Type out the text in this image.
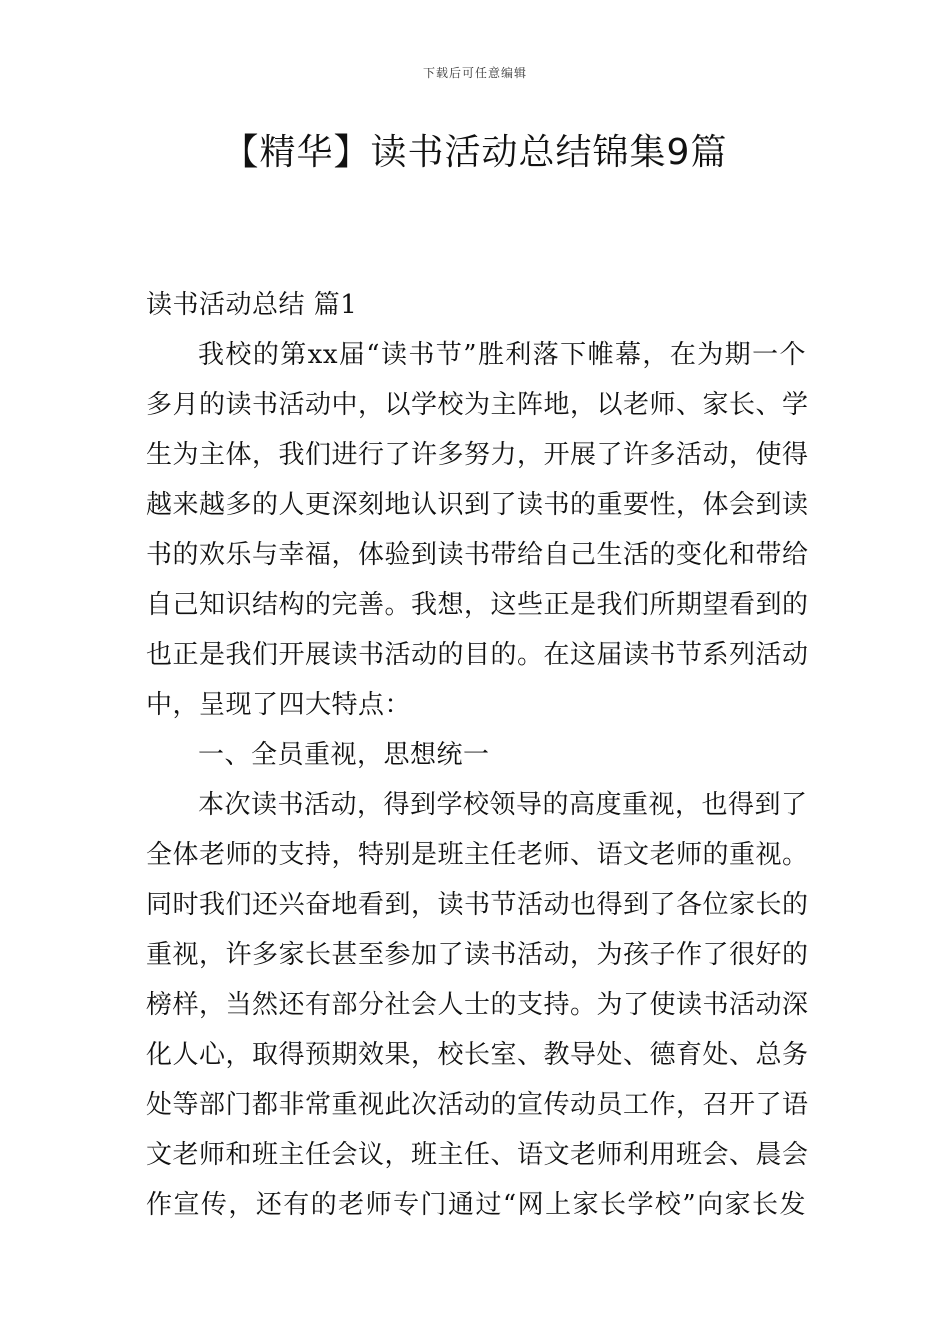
下载后可任意编辑
【精华】读书活动总结锦集9篇
读书活动总结 篇1
我校的第xx届“读书节”胜利落下帷幕，在为期一个
多月的读书活动中，以学校为主阵地，以老师、家长、学
生为主体，我们进行了许多努力，开展了许多活动，使得
越来越多的人更深刻地认识到了读书的重要性，体会到读
书的欢乐与幸福，体验到读书带给自己生活的变化和带给
自己知识结构的完善。我想，这些正是我们所期望看到的
也正是我们开展读书活动的目的。在这届读书节系列活动
中，呈现了四大特点：
一、全员重视，思想统一
本次读书活动，得到学校领导的高度重视，也得到了
全体老师的支持，特别是班主任老师、语文老师的重视。
同时我们还兴奋地看到，读书节活动也得到了各位家长的
重视，许多家长甚至参加了读书活动，为孩子作了很好的
榜样，当然还有部分社会人士的支持。为了使读书活动深
化人心，取得预期效果，校长室、教导处、德育处、总务
处等部门都非常重视此次活动的宣传动员工作，召开了语
文老师和班主任会议，班主任、语文老师利用班会、晨会
作宣传，还有的老师专门通过“网上家长学校”向家长发
